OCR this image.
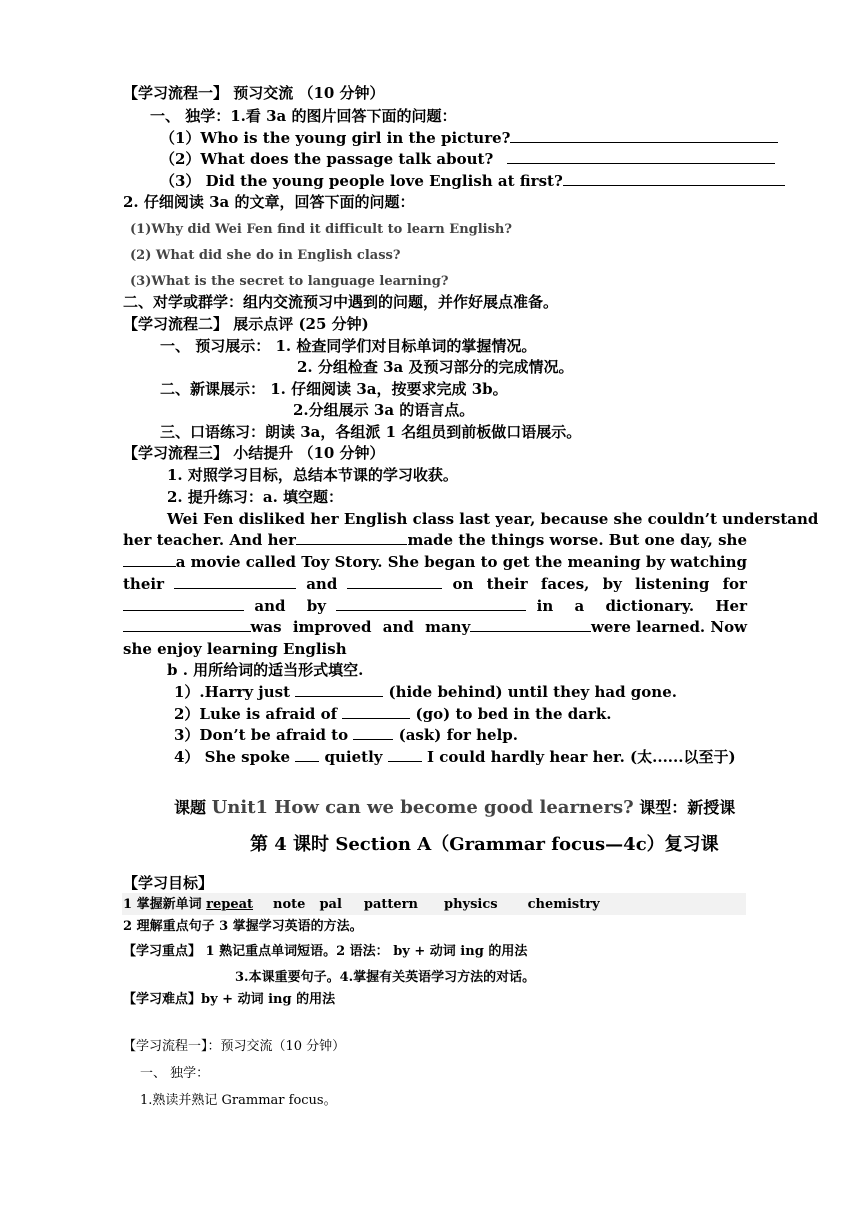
【学习流程一】 预习交流 （10 分钟）
一、 独学：1.看 3a 的图片回答下面的问题：
（1）Who is the young girl in the picture?
（2）What does the passage talk about?
（3） Did the young people love English at first?
2. 仔细阅读 3a 的文章，回答下面的问题：
(1)Why did Wei Fen find it difficult to learn English?
(2) What did she do in English class?
(3)What is the secret to language learning?
二、对学或群学：组内交流预习中遇到的问题，并作好展点准备。
【学习流程二】 展示点评 (25 分钟)
一、 预习展示： 1. 检查同学们对目标单词的掌握情况。
2. 分组检查 3a 及预习部分的完成情况。
二、新课展示： 1. 仔细阅读 3a，按要求完成 3b。
2.分组展示 3a 的语言点。
三、口语练习：朗读 3a，各组派 1 名组员到前板做口语展示。
【学习流程三】 小结提升 （10 分钟）
1. 对照学习目标，总结本节课的学习收获。
2. 提升练习：a. 填空题：
Wei Fen disliked her English class last year, because she couldn’t understand
her teacher. And her	made the things worse. But one day, she
a movie called Toy Story. She began to get the meaning by watching
their	and	on their faces, by listening for
and by	in a dictionary. Her
was improved and many	were learned. Now
she enjoy learning English
b . 用所给词的适当形式填空.
1）.Harry just	(hide behind) until they had gone.
2）Luke is afraid of	(go) to bed in the dark.
3）Don’t be afraid to	(ask) for help.
4） She spoke quietly	I could hardly hear her. (太......以至于)
课题 Unit1 How can we become good learners? 课型：新授课
第 4 课时 Section A（Grammar focus—4c）复习课
【学习目标】
1 掌握新单词 repeat note pal pattern physics chemistry
2 理解重点句子 3 掌握学习英语的方法。
【学习重点】 1 熟记重点单词短语。2 语法： by + 动词 ing 的用法
3.本课重要句子。4.掌握有关英语学习方法的对话。
【学习难点】by + 动词 ing 的用法
【学习流程一】：预习交流（10 分钟）
一、 独学：
1.熟读并熟记 Grammar focus。
